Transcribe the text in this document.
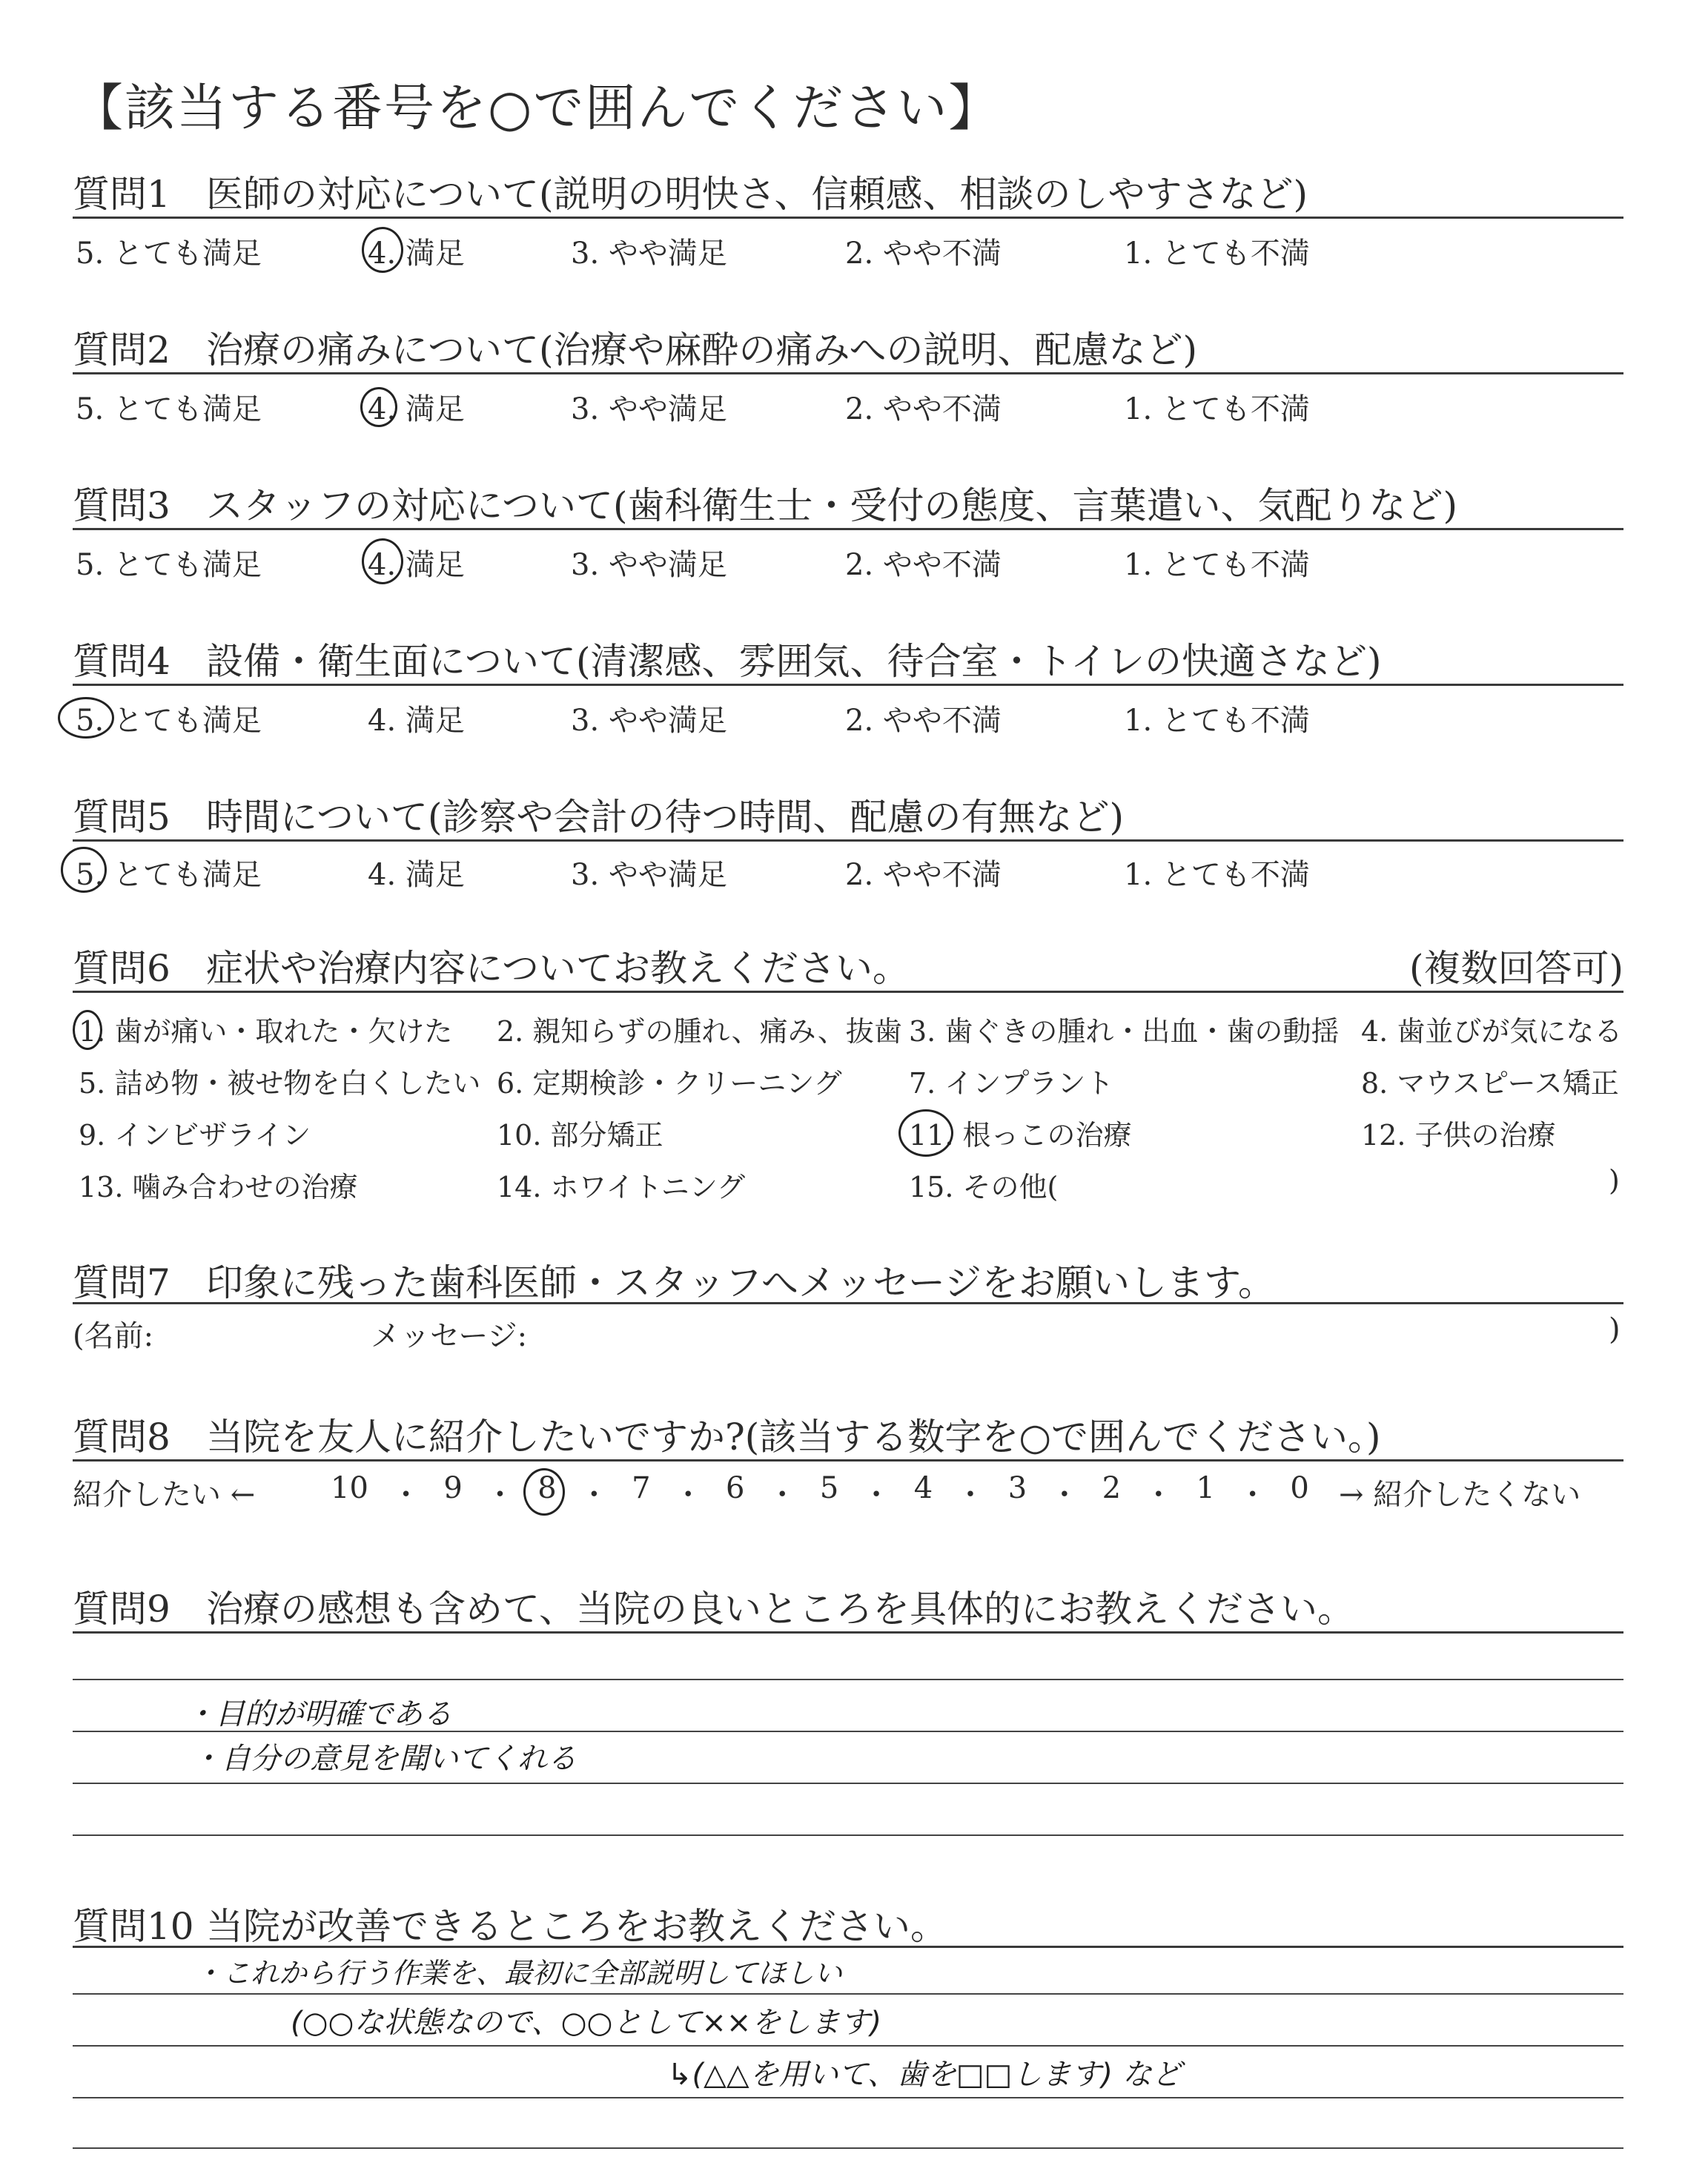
【該当する番号を○で囲んでください】
質問1 医師の対応について(説明の明快さ、信頼感、相談のしやすさなど)
5. とても満足	4. 満足	3. やや満足	2. やや不満	1. とても不満
質問2 治療の痛みについて(治療や麻酔の痛みへの説明、配慮など)
5. とても満足	4. 満足	3. やや満足	2. やや不満	1. とても不満
質問3 スタッフの対応について(歯科衛生士・受付の態度、言葉遣い、気配りなど)
5. とても満足	4. 満足	3. やや満足	2. やや不満	1. とても不満
質問4 設備・衛生面について(清潔感、雰囲気、待合室・トイレの快適さなど)
5. とても満足	4. 満足	3. やや満足	2. やや不満	1. とても不満
質問5 時間について(診察や会計の待つ時間、配慮の有無など)
5. とても満足	4. 満足	3. やや満足	2. やや不満	1. とても不満
質問6 症状や治療内容についてお教えください。	(複数回答可)
1. 歯が痛い・取れた・欠けた 2. 親知らずの腫れ、痛み、抜歯 3. 歯ぐきの腫れ・出血・歯の動揺 4. 歯並びが気になる
5. 詰め物・被せ物を白くしたい 6. 定期検診・クリーニング 7. インプラント	8. マウスピース矯正
9. インビザライン	10. 部分矯正	11. 根っこの治療	12. 子供の治療
13. 噛み合わせの治療	14. ホワイトニング	15. その他(	)
質問7 印象に残った歯科医師・スタッフへメッセージをお願いします。
(名前:	メッセージ:	)
質問8 当院を友人に紹介したいですか?(該当する数字を○で囲んでください。)
紹介したい ←	10 ・ 9 ・ 8 ・ 7 ・ 6 ・ 5 ・ 4 ・ 3 ・ 2 ・ 1 ・ 0 → 紹介したくない
質問9 治療の感想も含めて、当院の良いところを具体的にお教えください。
・目的が明確である
・自分の意見を聞いてくれる
質問10 当院が改善できるところをお教えください。
・これから行う作業を、最初に全部説明してほしい
(○○な状態なので、○○として××をします)
↳(△△を用いて、歯を□□します) など
